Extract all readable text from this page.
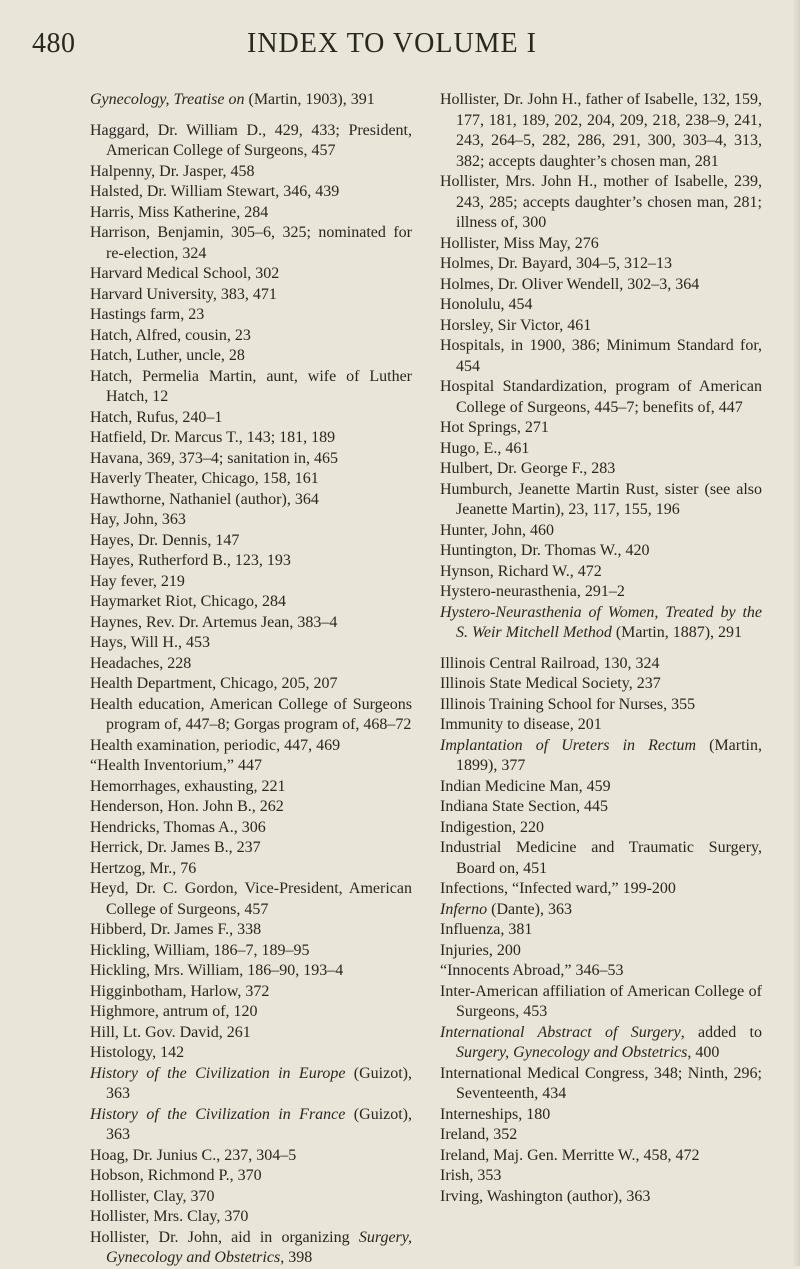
480	INDEX TO VOLUME I

Gynecology, Treatise on (Martin, 1903), 391

Haggard, Dr. William D., 429, 433; President, American College of Surgeons, 457

Halpenny, Dr. Jasper, 458

Halsted, Dr. William Stewart, 346, 439

Harris, Miss Katherine, 284

Harrison, Benjamin, 305–6, 325; nominated for re-election, 324

Harvard Medical School, 302

Harvard University, 383, 471

Hastings farm, 23

Hatch, Alfred, cousin, 23

Hatch, Luther, uncle, 28

Hatch, Permelia Martin, aunt, wife of Luther Hatch, 12

Hatch, Rufus, 240–1

Hatfield, Dr. Marcus T., 143; 181, 189

Havana, 369, 373–4; sanitation in, 465

Haverly Theater, Chicago, 158, 161

Hawthorne, Nathaniel (author), 364

Hay, John, 363

Hayes, Dr. Dennis, 147

Hayes, Rutherford B., 123, 193

Hay fever, 219

Haymarket Riot, Chicago, 284

Haynes, Rev. Dr. Artemus Jean, 383–4

Hays, Will H., 453

Headaches, 228

Health Department, Chicago, 205, 207

Health education, American College of Surgeons program of, 447–8; Gorgas program of, 468–72

Health examination, periodic, 447, 469

“Health Inventorium,” 447

Hemorrhages, exhausting, 221

Henderson, Hon. John B., 262

Hendricks, Thomas A., 306

Herrick, Dr. James B., 237

Hertzog, Mr., 76

Heyd, Dr. C. Gordon, Vice-President, American College of Surgeons, 457

Hibberd, Dr. James F., 338

Hickling, William, 186–7, 189–95

Hickling, Mrs. William, 186–90, 193–4

Higginbotham, Harlow, 372

Highmore, antrum of, 120

Hill, Lt. Gov. David, 261

Histology, 142

History of the Civilization in Europe (Guizot), 363

History of the Civilization in France (Guizot), 363

Hoag, Dr. Junius C., 237, 304–5

Hobson, Richmond P., 370

Hollister, Clay, 370

Hollister, Mrs. Clay, 370

Hollister, Dr. John, aid in organizing Surgery, Gynecology and Obstetrics, 398

Hollister, Dr. John H., father of Isabelle, 132, 159, 177, 181, 189, 202, 204, 209, 218, 238–9, 241, 243, 264–5, 282, 286, 291, 300, 303–4, 313, 382; accepts daughter’s chosen man, 281

Hollister, Mrs. John H., mother of Isabelle, 239, 243, 285; accepts daughter’s chosen man, 281; illness of, 300

Hollister, Miss May, 276

Holmes, Dr. Bayard, 304–5, 312–13

Holmes, Dr. Oliver Wendell, 302–3, 364

Honolulu, 454

Horsley, Sir Victor, 461

Hospitals, in 1900, 386; Minimum Standard for, 454

Hospital Standardization, program of American College of Surgeons, 445–7; benefits of, 447

Hot Springs, 271

Hugo, E., 461

Hulbert, Dr. George F., 283

Humburch, Jeanette Martin Rust, sister (see also Jeanette Martin), 23, 117, 155, 196

Hunter, John, 460

Huntington, Dr. Thomas W., 420

Hynson, Richard W., 472

Hystero-neurasthenia, 291–2

Hystero-Neurasthenia of Women, Treated by the S. Weir Mitchell Method (Martin, 1887), 291

Illinois Central Railroad, 130, 324

Illinois State Medical Society, 237

Illinois Training School for Nurses, 355

Immunity to disease, 201

Implantation of Ureters in Rectum (Martin, 1899), 377

Indian Medicine Man, 459

Indiana State Section, 445

Indigestion, 220

Industrial Medicine and Traumatic Surgery, Board on, 451

Infections, “Infected ward,” 199-200

Inferno (Dante), 363

Influenza, 381

Injuries, 200

“Innocents Abroad,” 346–53

Inter-American affiliation of American College of Surgeons, 453

International Abstract of Surgery, added to Surgery, Gynecology and Obstetrics, 400

International Medical Congress, 348; Ninth, 296; Seventeenth, 434

Interneships, 180

Ireland, 352

Ireland, Maj. Gen. Merritte W., 458, 472

Irish, 353

Irving, Washington (author), 363
